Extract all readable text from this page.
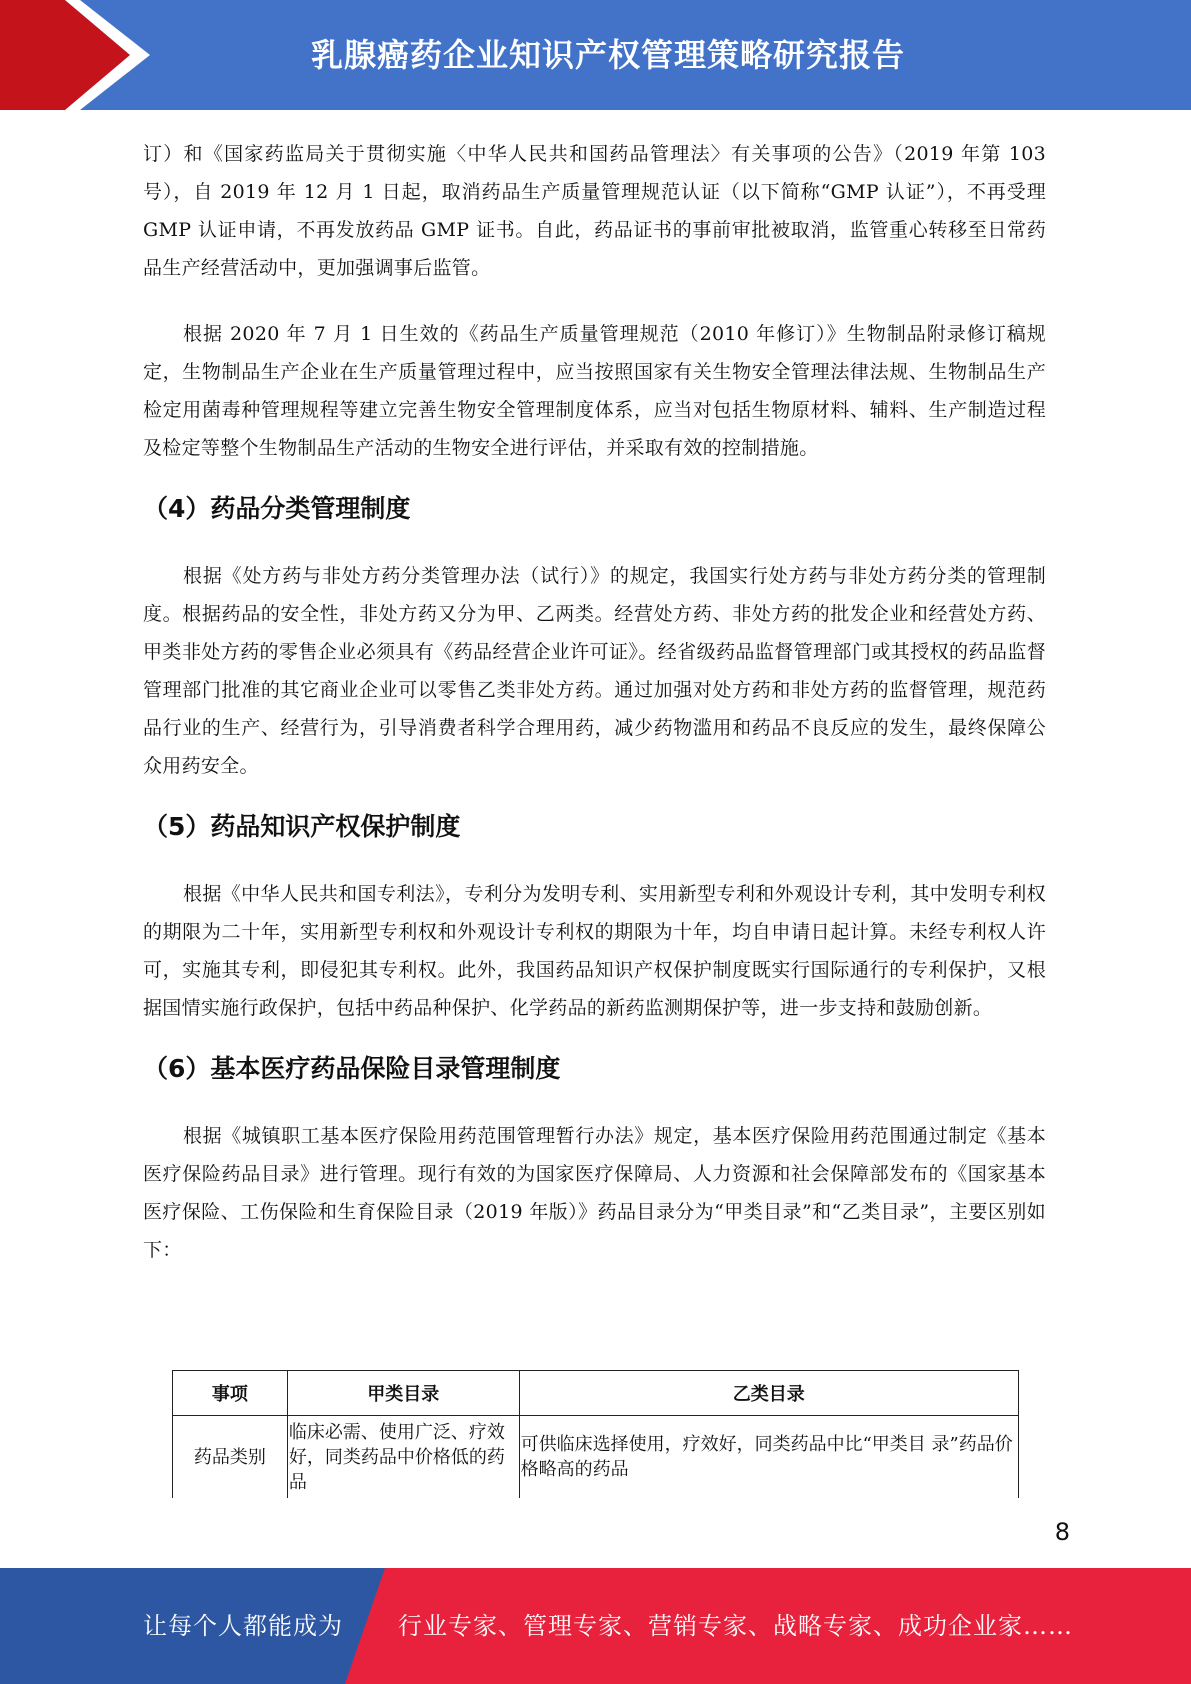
乳腺癌药企业知识产权管理策略研究报告

订）和《国家药监局关于贯彻实施〈中华人民共和国药品管理法〉有关事项的公告》（2019 年第 103 号），自 2019 年 12 月 1 日起，取消药品生产质量管理规范认证（以下简称“GMP 认证”），不再受理 GMP 认证申请，不再发放药品 GMP 证书。自此，药品证书的事前审批被取消，监管重心转移至日常药品生产经营活动中，更加强调事后监管。

根据 2020 年 7 月 1 日生效的《药品生产质量管理规范（2010 年修订）》生物制品附录修订稿规定，生物制品生产企业在生产质量管理过程中，应当按照国家有关生物安全管理法律法规、生物制品生产检定用菌毒种管理规程等建立完善生物安全管理制度体系，应当对包括生物原材料、辅料、生产制造过程及检定等整个生物制品生产活动的生物安全进行评估，并采取有效的控制措施。

（4）药品分类管理制度

根据《处方药与非处方药分类管理办法（试行）》的规定，我国实行处方药与非处方药分类的管理制度。根据药品的安全性，非处方药又分为甲、乙两类。经营处方药、非处方药的批发企业和经营处方药、甲类非处方药的零售企业必须具有《药品经营企业许可证》。经省级药品监督管理部门或其授权的药品监督管理部门批准的其它商业企业可以零售乙类非处方药。通过加强对处方药和非处方药的监督管理，规范药品行业的生产、经营行为，引导消费者科学合理用药，减少药物滥用和药品不良反应的发生，最终保障公众用药安全。

（5）药品知识产权保护制度

根据《中华人民共和国专利法》，专利分为发明专利、实用新型专利和外观设计专利，其中发明专利权的期限为二十年，实用新型专利权和外观设计专利权的期限为十年，均自申请日起计算。未经专利权人许可，实施其专利，即侵犯其专利权。此外，我国药品知识产权保护制度既实行国际通行的专利保护，又根据国情实施行政保护，包括中药品种保护、化学药品的新药监测期保护等，进一步支持和鼓励创新。

（6）基本医疗药品保险目录管理制度

根据《城镇职工基本医疗保险用药范围管理暂行办法》规定，基本医疗保险用药范围通过制定《基本医疗保险药品目录》进行管理。现行有效的为国家医疗保障局、人力资源和社会保障部发布的《国家基本医疗保险、工伤保险和生育保险目录（2019 年版）》药品目录分为“甲类目录”和“乙类目录”，主要区别如下：

事项	甲类目录	乙类目录
药品类别	临床必需、使用广泛、疗效好，同类药品中价格低的药品	可供临床选择使用，疗效好，同类药品中比“甲类目 录”药品价格略高的药品
8
让每个人都能成为 行业专家、管理专家、营销专家、战略专家、成功企业家……
